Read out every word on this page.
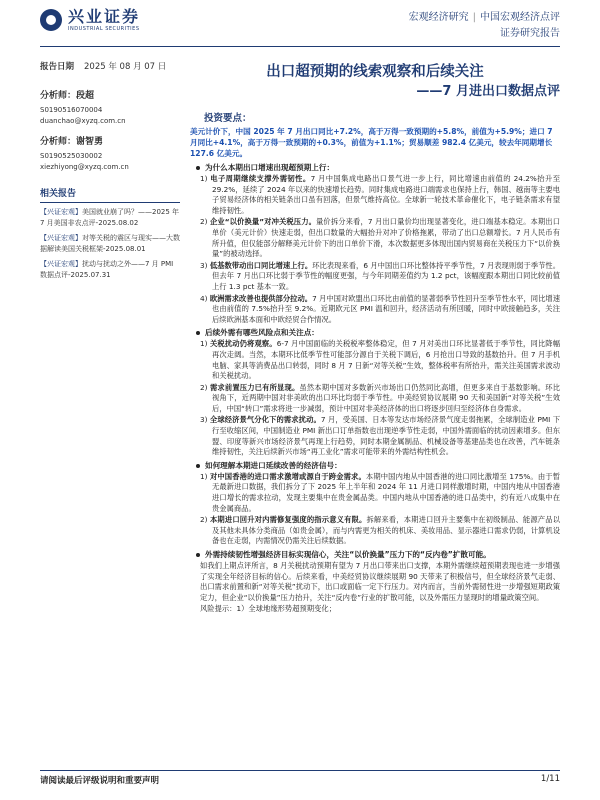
兴业证券
INDUSTRIAL SECURITIES
宏观经济研究 | 中国宏观经济点评
证券研究报告
报告日期 2025 年 08 月 07 日
分析师：段超
S0190516070004
duanchao@xyzq.com.cn
分析师：谢智勇
S0190525030002
xiezhiyong@xyzq.com.cn
相关报告
【兴证宏观】美国就业崩了吗？——2025 年 7 月美国非农点评-2025.08.02
【兴证宏观】对等关税的震区与现实——大数据解读美国关税框架-2025.08.01
【兴证宏观】扰动与扰动之外——7 月 PMI 数据点评-2025.07.31
出口超预期的线索观察和后续关注
——7 月进出口数据点评
投资要点：
美元计价下，中国 2025 年 7 月出口同比+7.2%，高于万得一致预期的+5.8%，前值为+5.9%；进口 7 月同比+4.1%，高于万得一致预期的+0.3%，前值为+1.1%；贸易顺差 982.4 亿美元，较去年同期增长 127.6 亿美元。
为什么本期出口增速出现超预期上行：
1) 电子周期继续支撑外需韧性。7 月中国集成电路出口景气进一步上行，同比增速由前值的 24.2%抬升至 29.2%，延续了 2024 年以来的快速增长趋势。同时集成电路进口端需求也保持上行，韩国、越南等主要电子贸易经济体的相关链条出口虽有回落，但景气维持高位。全球新一轮技术革命催化下，电子链条需求有望维持韧性。
2) 企业“以价换量”对冲关税压力。量价拆分来看，7 月出口量价均出现显著变化，进口端基本稳定。本期出口单价（美元计价）快速走弱，但出口数量的大幅抬升对冲了价格拖累，带动了出口总额增长。7 月人民币有所升值，但仅能部分解释美元计价下的出口单价下滑，本次数据更多体现出国内贸易商在关税压力下“以价换量”的被动选择。
3) 低基数带动出口同比增速上行。环比表现来看，6 月中国出口环比整体持平季节性，7 月表现则弱于季节性。但去年 7 月出口环比弱于季节性的幅度更强，与今年同期差值约为 1.2 pct，该幅度跟本期出口同比较前值上行 1.3 pct 基本一致。
4) 欧洲需求改善也提供部分拉动。7 月中国对欧盟出口环比由前值的显著弱季节性回升至季节性水平，同比增速也由前值的 7.5%抬升至 9.2%。近期欧元区 PMI 温和回升，经济活动有所回暖，同时中欧接触趋多，关注后续欧洲基本面和中欧经贸合作情况。
后续外需有哪些风险点和关注点：
1) 关税扰动仍将观察。6-7 月中国面临的关税税率整体稳定，但 7 月对美出口环比显著低于季节性，同比降幅再次走阔。当然，本期环比低季节性可能部分源自于关税下调后，6 月抢出口导致的基数抬升。但 7 月手机电脑、家具等消费品出口转弱，同时 8 月 7 日新“对等关税”生效，整体税率有所抬升，需关注美国需求波动和关税扰动。
2) 需求前置压力已有所显现。虽然本期中国对多数新兴市场出口仍然同比高增，但更多来自于基数影响。环比视角下，近两期中国对非美欧的出口环比均弱于季节性。中美经贸协议展期 90 天和美国新“对等关税”生效后，中国“转口”需求将进一步减弱，预计中国对非美经济体的出口将逐步回归至经济体自身需求。
3) 全球经济景气分化下的需求扰动。7 月，受美国、日本等发达市场经济景气度走弱拖累，全球制造业 PMI 下行至收缩区间，中国制造业 PMI 新出口订单指数也出现逆季节性走弱，中国外需面临的扰动因素增多。但东盟、印度等新兴市场经济景气再现上行趋势，同时本期金属制品、机械设备等基建品类也在改善，汽车链条维持韧性，关注后续新兴市场“再工业化”需求可能带来的外需结构性机会。
如何理解本期进口延续改善的经济信号：
1) 对中国香港的进口需求激增或源自于跨金需求。本期中国内地从中国香港的进口同比激增至 175%。由于暂无最新进口数据，我们拆分了下 2025 年上半年和 2024 年 11 月进口同样激增时期，中国内地从中国香港进口增长的需求拉动，发现主要集中在贵金属品类。中国内地从中国香港的进口品类中，约有近八成集中在贵金属商品。
2) 本期进口回升对内需修复强度的指示意义有限。拆解来看，本期进口回升主要集中在初级制品、能源产品以及其他未具体分类商品（如贵金属），而与内需更为相关的机床、美妆用品、显示器进口需求仍弱，计算机设备也在走弱，内需情况仍需关注后续数据。
外需持续韧性增强经济目标实现信心，关注“以价换量”压力下的“反内卷”扩散可能。
如我们上期点评所言，8 月关税扰动预期有望为 7 月出口带来出口支撑，本期外需继续超预期表现也进一步增强了实现全年经济目标的信心。后续来看，中美经贸协议继续展期 90 天带来了积极信号，但全球经济景气走弱、出口需求前置和新“对等关税”扰动下，出口或面临一定下行压力。对内而言，当前外需韧性进一步增强短期政策定力，但企业“以价换量”压力抬升，关注“反内卷”行业的扩散可能，以及外需压力显现时的增量政策空间。
风险提示：1）全球地缘形势超预期变化；
请阅读最后评级说明和重要声明	1/11
